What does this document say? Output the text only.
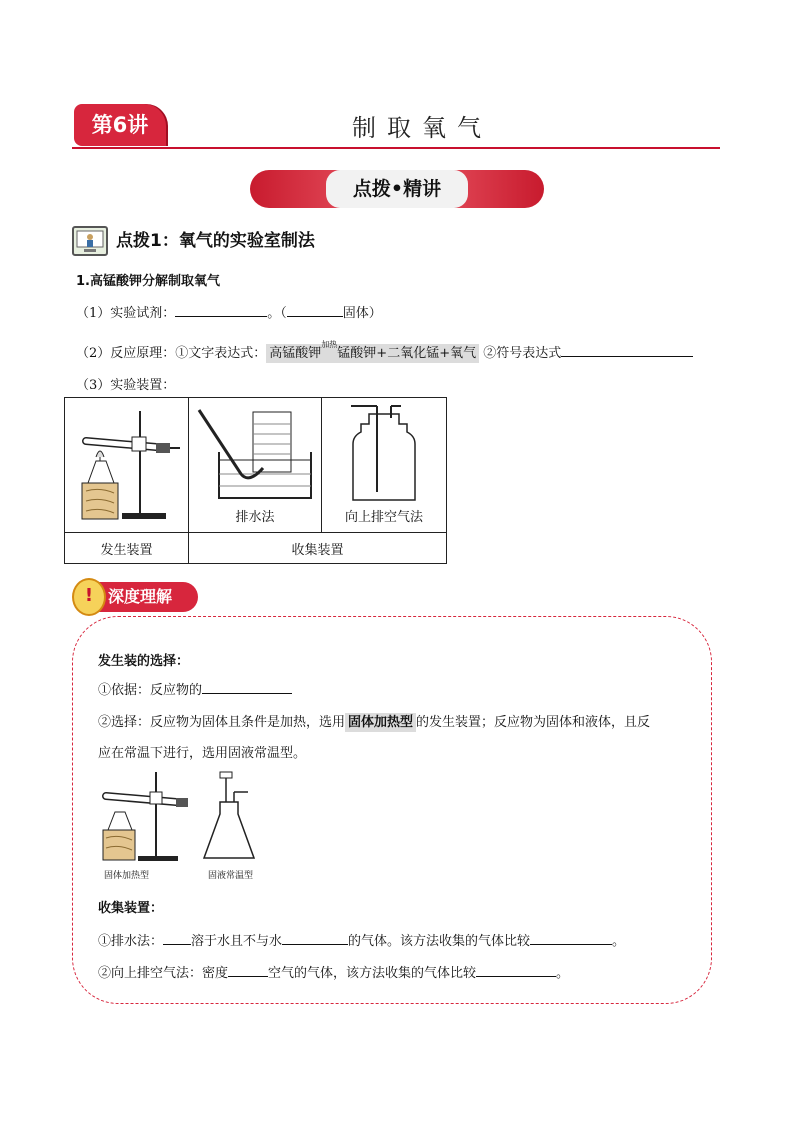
第6讲	制取氧气
点拨•精讲
点拨1：氧气的实验室制法
1.高锰酸钾分解制取氧气
（1）实验试剂：	。（	固体）
（2）反应原理：①文字表达式： 高锰酸钾$^{加热}$锰酸钾+二氧化锰+氧气 ②符号表达式
（3）实验装置：

排水法	向上排空气法

发生装置	收集装置	
深度理解
!
发生装的选择：
①依据：反应物的
②选择：反应物为固体且条件是加热，选用 固体加热型 的发生装置；反应物为固体和液体，且反
应在常温下进行，选用固液常温型。
固体加热型	固液常温型
收集装置：
①排水法： 溶于水且不与水	的气体。该方法收集的气体比较	。
②向上排空气法：密度	空气的气体，该方法收集的气体比较	。
